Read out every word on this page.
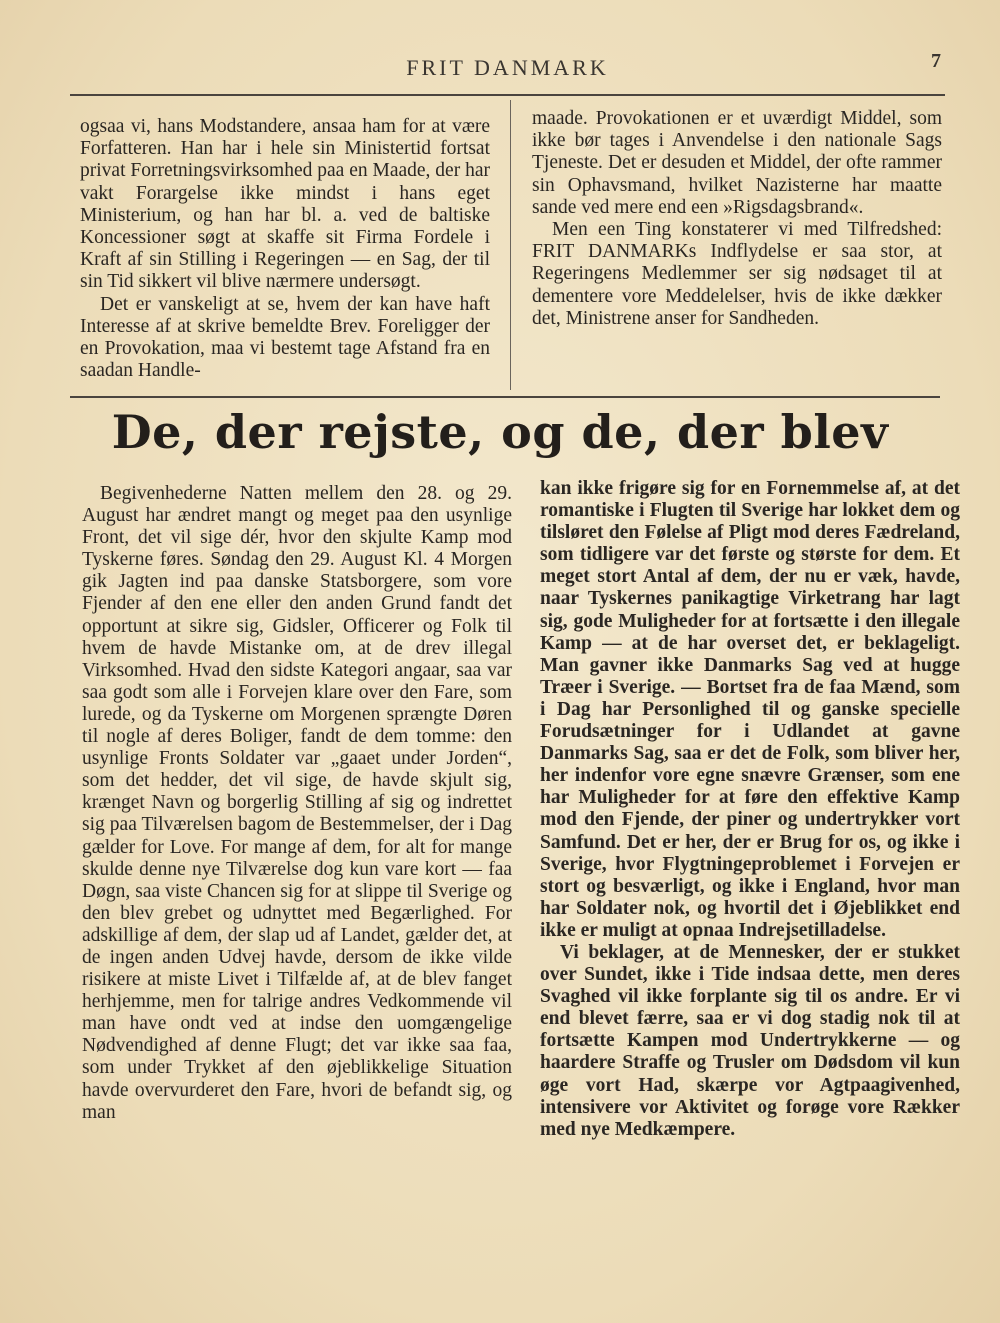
FRIT DANMARK	7

ogsaa vi, hans Modstandere, ansaa ham for at være Forfatteren. Han har i hele sin Ministertid fortsat privat Forretningsvirksomhed paa en Maade, der har vakt Forargelse ikke mindst i hans eget Ministerium, og han har bl. a. ved de baltiske Koncessioner søgt at skaffe sit Firma Fordele i Kraft af sin Stilling i Regeringen — en Sag, der til sin Tid sikkert vil blive nærmere undersøgt.

Det er vanskeligt at se, hvem der kan have haft Interesse af at skrive bemeldte Brev. Foreligger der en Provokation, maa vi bestemt tage Afstand fra en saadan Handle-

maade. Provokationen er et uværdigt Middel, som ikke bør tages i Anvendelse i den nationale Sags Tjeneste. Det er desuden et Middel, der ofte rammer sin Ophavsmand, hvilket Nazisterne har maatte sande ved mere end een »Rigsdagsbrand«.

Men een Ting konstaterer vi med Tilfredshed: FRIT DANMARKs Indflydelse er saa stor, at Regeringens Medlemmer ser sig nødsaget til at dementere vore Meddelelser, hvis de ikke dækker det, Ministrene anser for Sandheden.

De, der rejste, og de, der blev

Begivenhederne Natten mellem den 28. og 29. August har ændret mangt og meget paa den usynlige Front, det vil sige dér, hvor den skjulte Kamp mod Tyskerne føres. Søndag den 29. August Kl. 4 Morgen gik Jagten ind paa danske Statsborgere, som vore Fjender af den ene eller den anden Grund fandt det opportunt at sikre sig, Gidsler, Officerer og Folk til hvem de havde Mistanke om, at de drev illegal Virksomhed. Hvad den sidste Kategori angaar, saa var saa godt som alle i Forvejen klare over den Fare, som lurede, og da Tyskerne om Morgenen sprængte Døren til nogle af deres Boliger, fandt de dem tomme: den usynlige Fronts Soldater var „gaaet under Jorden“, som det hedder, det vil sige, de havde skjult sig, krænget Navn og borgerlig Stilling af sig og indrettet sig paa Tilværelsen bagom de Bestemmelser, der i Dag gælder for Love. For mange af dem, for alt for mange skulde denne nye Tilværelse dog kun vare kort — faa Døgn, saa viste Chancen sig for at slippe til Sverige og den blev grebet og udnyttet med Begærlighed. For adskillige af dem, der slap ud af Landet, gælder det, at de ingen anden Udvej havde, dersom de ikke vilde risikere at miste Livet i Tilfælde af, at de blev fanget herhjemme, men for talrige andres Vedkommende vil man have ondt ved at indse den uomgængelige Nødvendighed af denne Flugt; det var ikke saa faa, som under Trykket af den øjeblikkelige Situation havde overvurderet den Fare, hvori de befandt sig, og man

kan ikke frigøre sig for en Fornemmelse af, at det romantiske i Flugten til Sverige har lokket dem og tilsløret den Følelse af Pligt mod deres Fædreland, som tidligere var det første og største for dem. Et meget stort Antal af dem, der nu er væk, havde, naar Tyskernes panikagtige Virketrang har lagt sig, gode Muligheder for at fortsætte i den illegale Kamp — at de har overset det, er beklageligt. Man gavner ikke Danmarks Sag ved at hugge Træer i Sverige. — Bortset fra de faa Mænd, som i Dag har Personlighed til og ganske specielle Forudsætninger for i Udlandet at gavne Danmarks Sag, saa er det de Folk, som bliver her, her indenfor vore egne snævre Grænser, som ene har Muligheder for at føre den effektive Kamp mod den Fjende, der piner og undertrykker vort Samfund. Det er her, der er Brug for os, og ikke i Sverige, hvor Flygtningeproblemet i Forvejen er stort og besværligt, og ikke i England, hvor man har Soldater nok, og hvortil det i Øjeblikket end ikke er muligt at opnaa Indrejsetilladelse.

Vi beklager, at de Mennesker, der er stukket over Sundet, ikke i Tide indsaa dette, men deres Svaghed vil ikke forplante sig til os andre. Er vi end blevet færre, saa er vi dog stadig nok til at fortsætte Kampen mod Undertrykkerne — og haardere Straffe og Trusler om Dødsdom vil kun øge vort Had, skærpe vor Agtpaagivenhed, intensivere vor Aktivitet og forøge vore Rækker med nye Medkæmpere.
